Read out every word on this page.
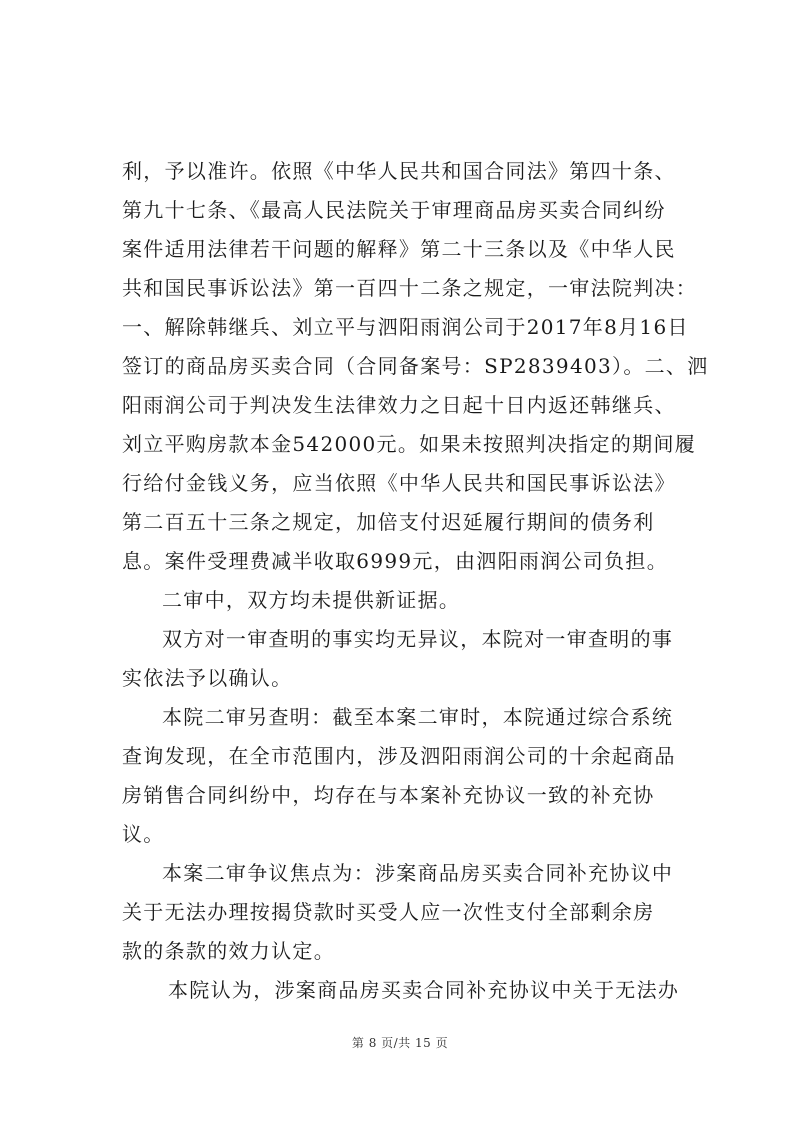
利，予以准许。依照《中华人民共和国合同法》第四十条、
第九十七条、《最高人民法院关于审理商品房买卖合同纠纷
案件适用法律若干问题的解释》第二十三条以及《中华人民
共和国民事诉讼法》第一百四十二条之规定，一审法院判决：
一、解除韩继兵、刘立平与泗阳雨润公司于2017年8月16日
签订的商品房买卖合同（合同备案号：SP2839403）。二、泗
阳雨润公司于判决发生法律效力之日起十日内返还韩继兵、
刘立平购房款本金542000元。如果未按照判决指定的期间履
行给付金钱义务，应当依照《中华人民共和国民事诉讼法》
第二百五十三条之规定，加倍支付迟延履行期间的债务利
息。案件受理费减半收取6999元，由泗阳雨润公司负担。
二审中，双方均未提供新证据。
双方对一审查明的事实均无异议，本院对一审查明的事
实依法予以确认。
本院二审另查明：截至本案二审时，本院通过综合系统
查询发现，在全市范围内，涉及泗阳雨润公司的十余起商品
房销售合同纠纷中，均存在与本案补充协议一致的补充协
议。
本案二审争议焦点为：涉案商品房买卖合同补充协议中
关于无法办理按揭贷款时买受人应一次性支付全部剩余房
款的条款的效力认定。
本院认为，涉案商品房买卖合同补充协议中关于无法办
第 8 页/共 15 页
